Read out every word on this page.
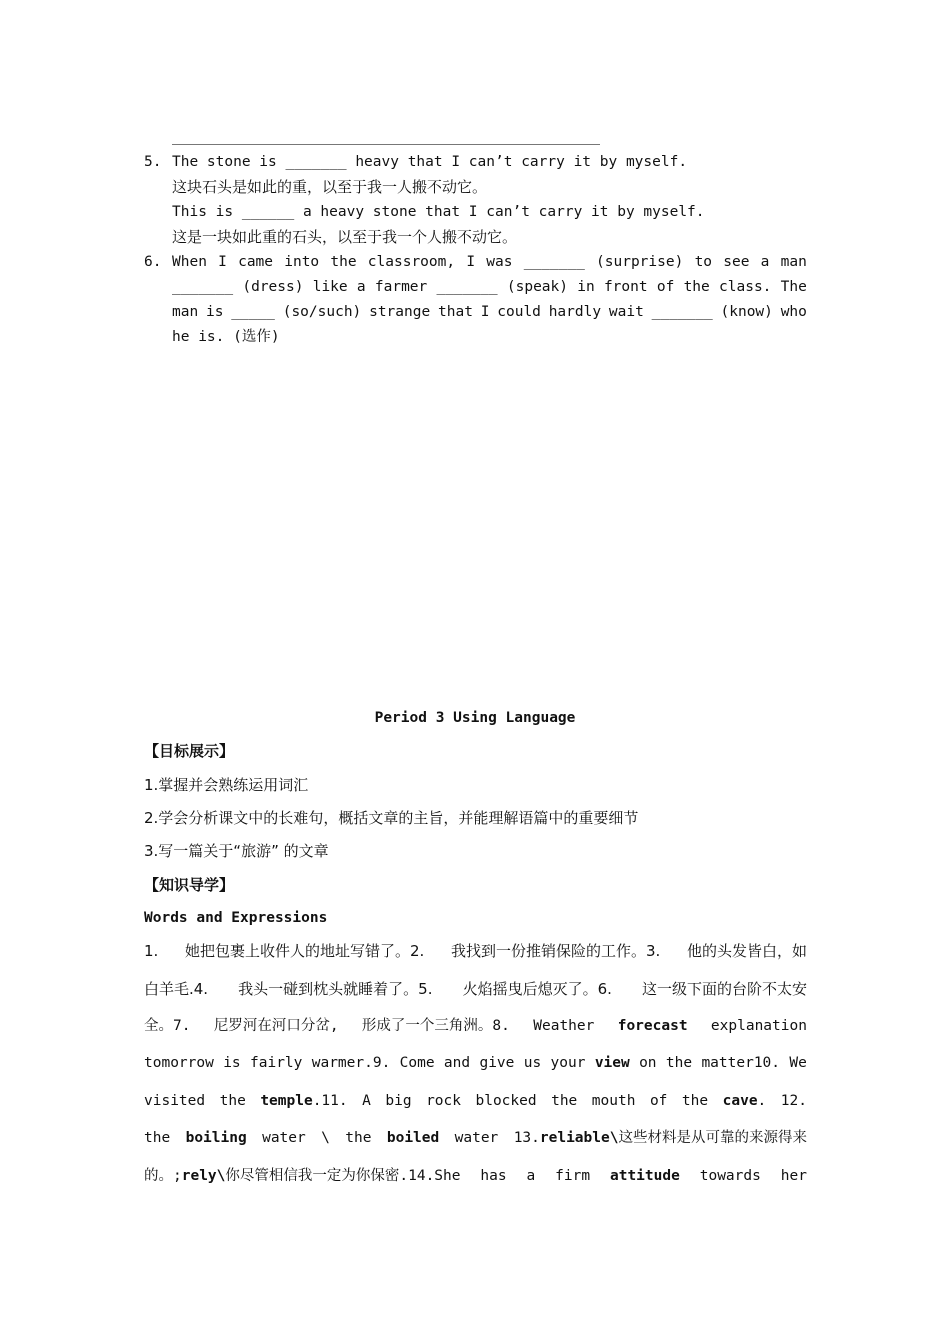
5. The stone is _______ heavy that I can’t carry it by myself.
这块石头是如此的重，以至于我一人搬不动它。
This is ______ a heavy stone that I can’t carry it by myself.
这是一块如此重的石头，以至于我一个人搬不动它。
6. When I came into the classroom, I was _______ (surprise) to see a man
_______ (dress) like a farmer _______ (speak) in front of the class. The
man is _____ (so/such) strange that I could hardly wait _______ (know) who
he is. (选作)
Period 3 Using Language
【目标展示】
1.掌握并会熟练运用词汇
2.学会分析课文中的长难句，概括文章的主旨，并能理解语篇中的重要细节
3.写一篇关于“旅游” 的文章
【知识导学】
Words and Expressions
1. 她把包裹上收件人的地址写错了。2. 我找到一份推销保险的工作。3. 他的头发皆白，如
白羊毛.4. 我头一碰到枕头就睡着了。5. 火焰摇曳后熄灭了。6. 这一级下面的台阶不太安
全。7. 尼罗河在河口分岔, 形成了一个三角洲。8. Weather forecast explanation
tomorrow is fairly warmer.9. Come and give us your view on the matter10. We
visited the temple.11. A big rock blocked the mouth of the cave. 12.
the boiling water \ the boiled water 13.reliable\这些材料是从可靠的来源得来
的。;rely\你尽管相信我一定为你保密.14.She has a firm attitude towards her
